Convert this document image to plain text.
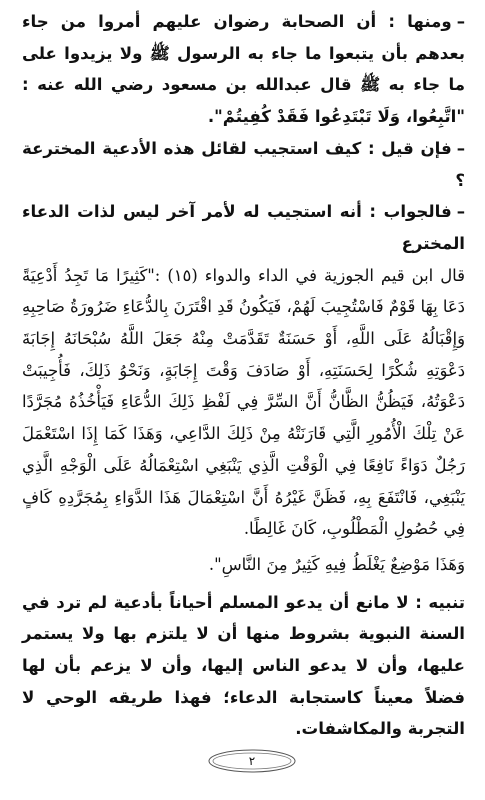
–ومنها : أن الصحابة رضوان عليهم أمروا من جاء بعدهم بأن يتبعوا ما جاء به الرسول ﷺ ولا يزيدوا على ما جاء به ﷺ قال عبدالله بن مسعود رضي الله عنه : "اتَّبِعُوا، وَلَا تَبْتَدِعُوا فَقَدْ كُفِيتُمْ".

–فإن قيل : كيف استجيب لقائل هذه الأدعية المخترعة ؟

–فالجواب : أنه استجيب له لأمر آخر ليس لذات الدعاء المخترع

قال ابن قيم الجوزية في الداء والدواء (١٥) :"كَثِيرًا مَا تَجِدُ أَدْعِيَةً دَعَا بِهَا قَوْمٌ فَاسْتُجِيبَ لَهُمْ، فَيَكُونُ قَدِ اقْتَرَنَ بِالدُّعَاءِ ضَرُورَةُ صَاحِبِهِ وَإِقْبَالُهُ عَلَى اللَّهِ، أَوْ حَسَنَةٌ تَقَدَّمَتْ مِنْهُ جَعَلَ اللَّهُ سُبْحَانَهُ إِجَابَةَ دَعْوَتِهِ شُكْرًا لِحَسَنَتِهِ، أَوْ صَادَفَ وَقْتَ إِجَابَةٍ، وَنَحْوُ ذَلِكَ، فَأُجِيبَتْ دَعْوَتُهُ، فَيَظُنُّ الظَّانُّ أَنَّ السِّرَّ فِي لَفْظِ ذَلِكَ الدُّعَاءِ فَيَأْخُذُهُ مُجَرَّدًا عَنْ تِلْكَ الْأُمُورِ الَّتِي قَارَنَتْهُ مِنْ ذَلِكَ الدَّاعِي، وَهَذَا كَمَا إِذَا اسْتَعْمَلَ رَجُلٌ دَوَاءً نَافِعًا فِي الْوَقْتِ الَّذِي يَنْبَغِي اسْتِعْمَالُهُ عَلَى الْوَجْهِ الَّذِي يَنْبَغِي، فَانْتَفَعَ بِهِ، فَظَنَّ غَيْرُهُ أَنَّ اسْتِعْمَالَ هَذَا الدَّوَاءِ بِمُجَرَّدِهِ كَافٍ فِي حُصُولِ الْمَطْلُوبِ، كَانَ غَالِطًا.

وَهَذَا مَوْضِعٌ يَغْلَطُ فِيهِ كَثِيرٌ مِنَ النَّاسِ".

تنبيه : لا مانع أن يدعو المسلم أحياناً بأدعية لم ترد في السنة النبوية بشروط منها أن لا يلتزم بها ولا يستمر عليها، وأن لا يدعو الناس إليها، وأن لا يزعم بأن لها فضلاً معيناً كاستجابة الدعاء؛ فهذا طريقه الوحي لا التجربة والمكاشفات.

٢
